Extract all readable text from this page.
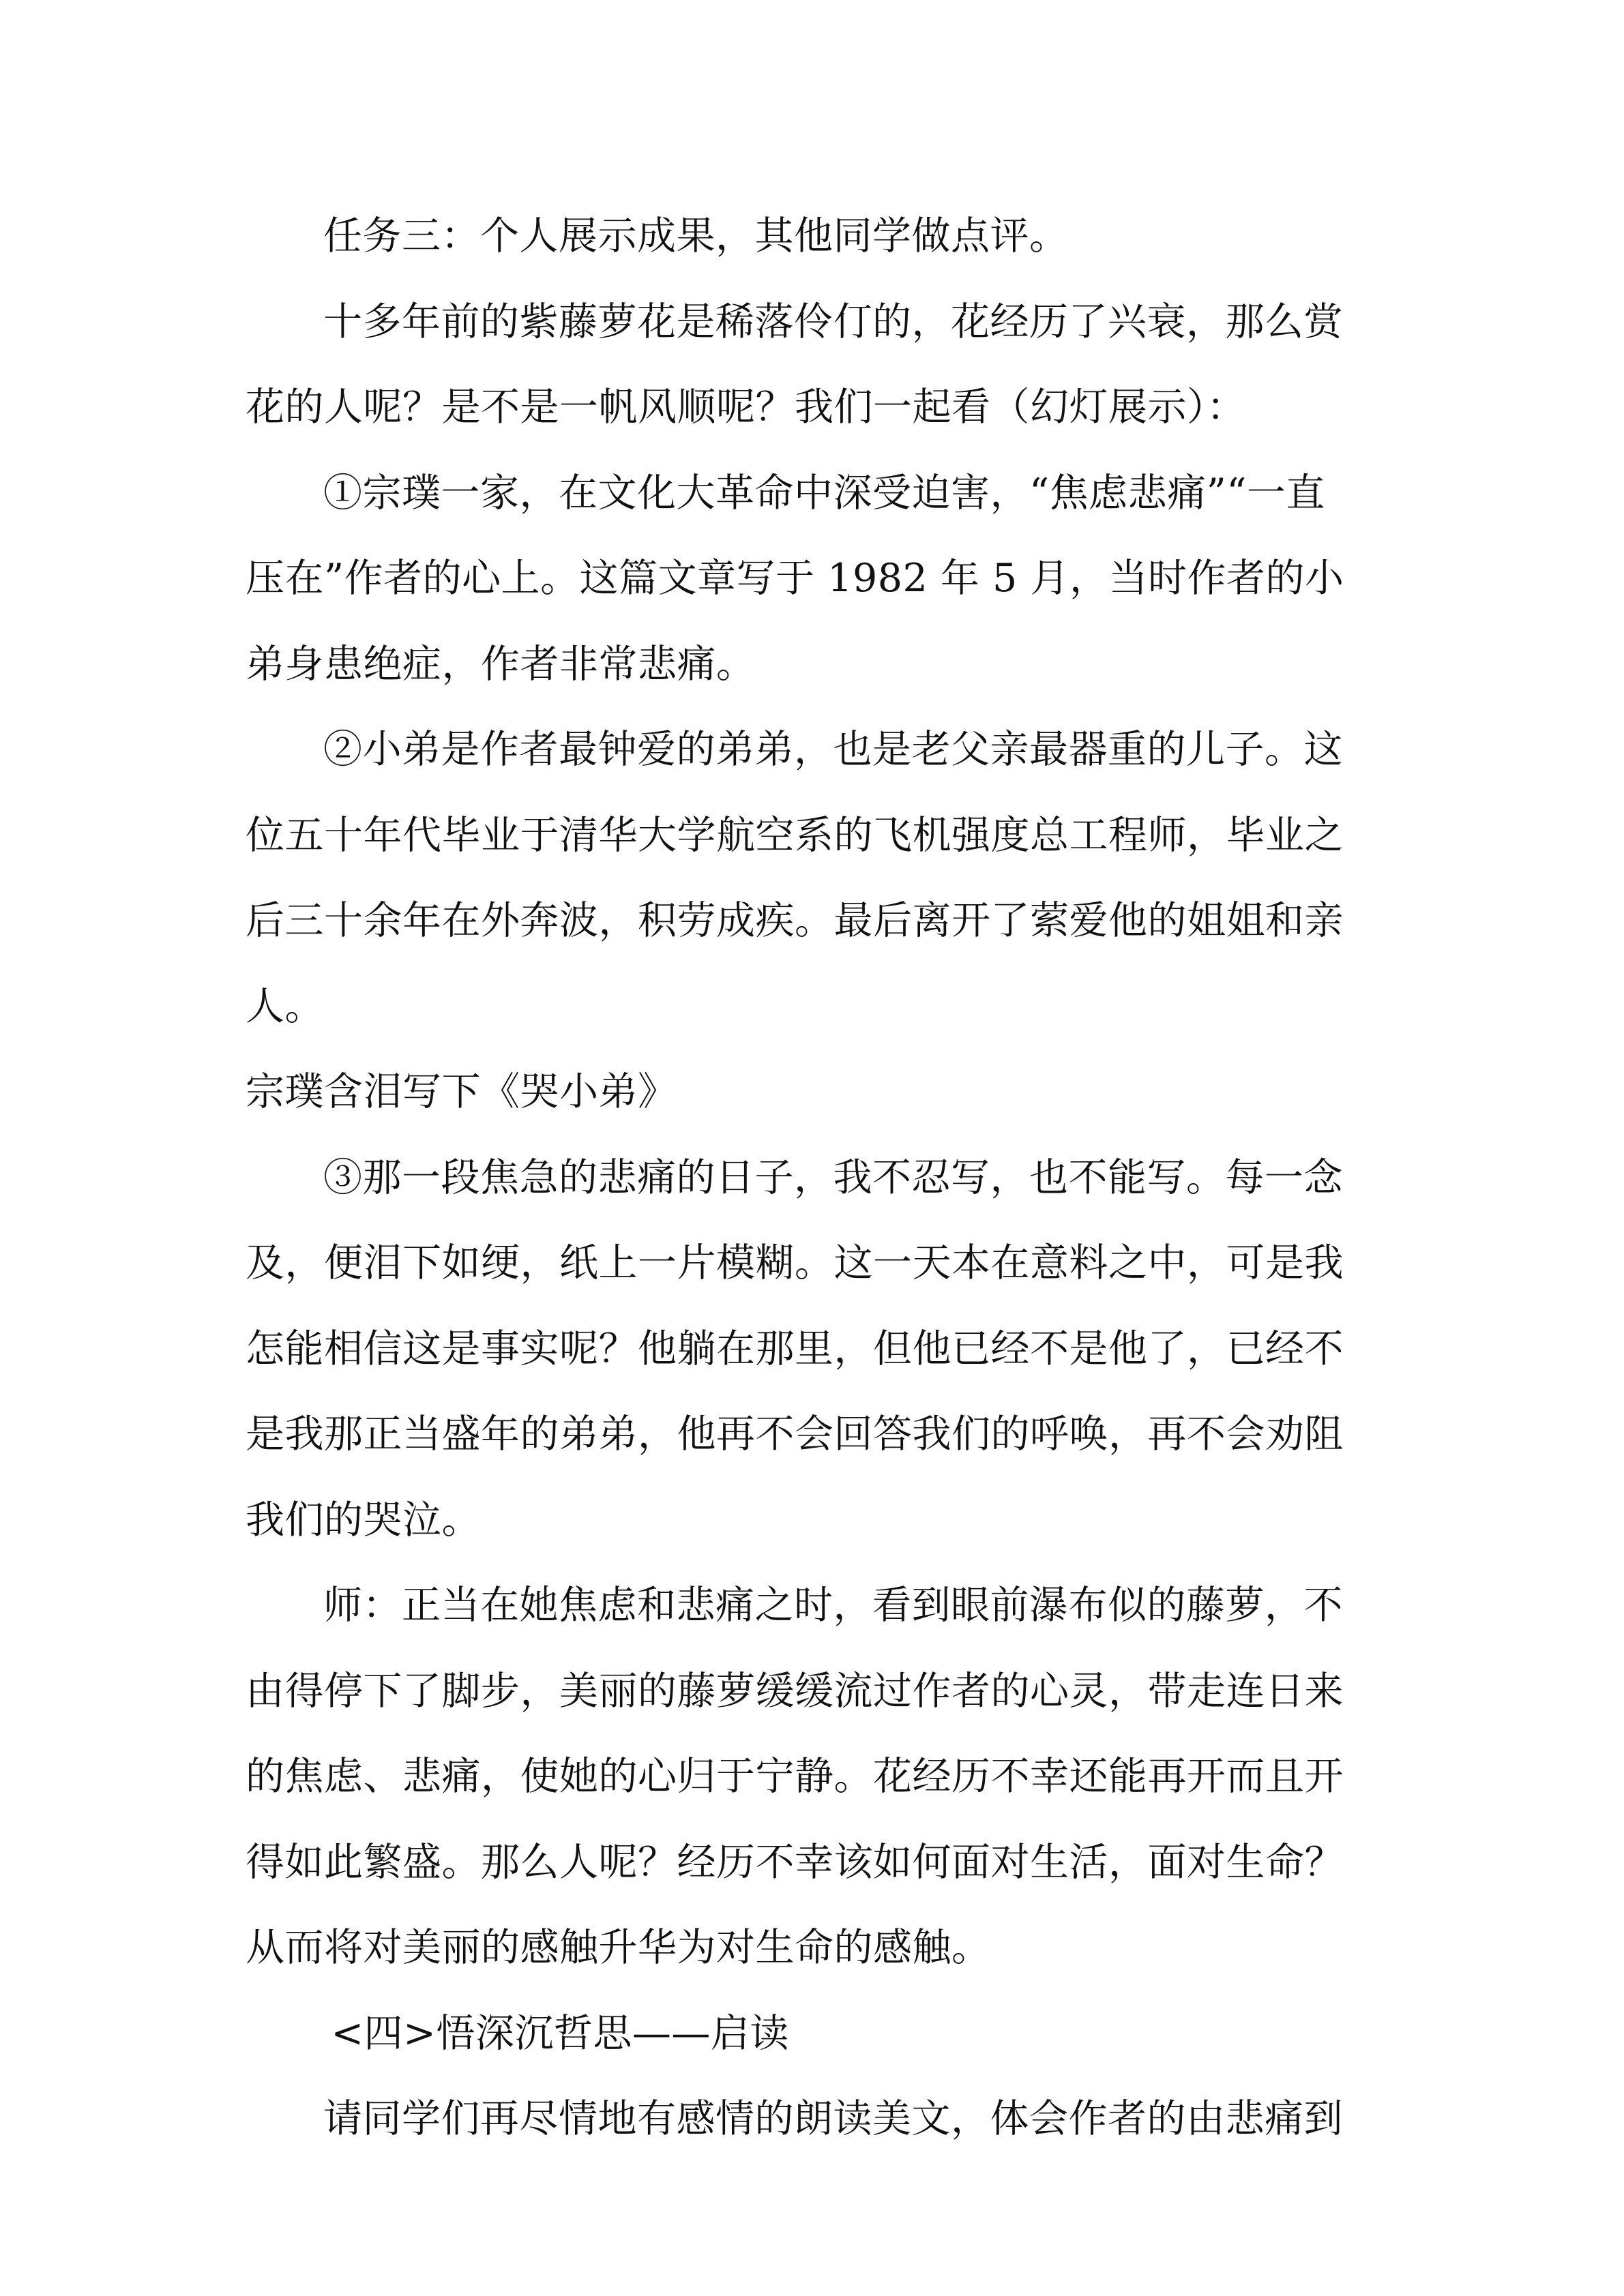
任务三：个人展示成果，其他同学做点评。

十多年前的紫藤萝花是稀落伶仃的，花经历了兴衰，那么赏花的人呢？是不是一帆风顺呢？我们一起看（幻灯展示）：

①宗璞一家，在文化大革命中深受迫害，“焦虑悲痛”“一直压在”作者的心上。这篇文章写于 1982 年 5 月，当时作者的小弟身患绝症，作者非常悲痛。

②小弟是作者最钟爱的弟弟，也是老父亲最器重的儿子。这位五十年代毕业于清华大学航空系的飞机强度总工程师，毕业之后三十余年在外奔波，积劳成疾。最后离开了萦爱他的姐姐和亲人。

宗璞含泪写下《哭小弟》

③那一段焦急的悲痛的日子，我不忍写，也不能写。每一念及，便泪下如绠，纸上一片模糊。这一天本在意料之中，可是我怎能相信这是事实呢？他躺在那里，但他已经不是他了，已经不是我那正当盛年的弟弟，他再不会回答我们的呼唤，再不会劝阻我们的哭泣。

师：正当在她焦虑和悲痛之时，看到眼前瀑布似的藤萝，不由得停下了脚步，美丽的藤萝缓缓流过作者的心灵，带走连日来的焦虑、悲痛，使她的心归于宁静。花经历不幸还能再开而且开得如此繁盛。那么人呢？经历不幸该如何面对生活，面对生命？从而将对美丽的感触升华为对生命的感触。

<四>悟深沉哲思——启读

请同学们再尽情地有感情的朗读美文，体会作者的由悲痛到
